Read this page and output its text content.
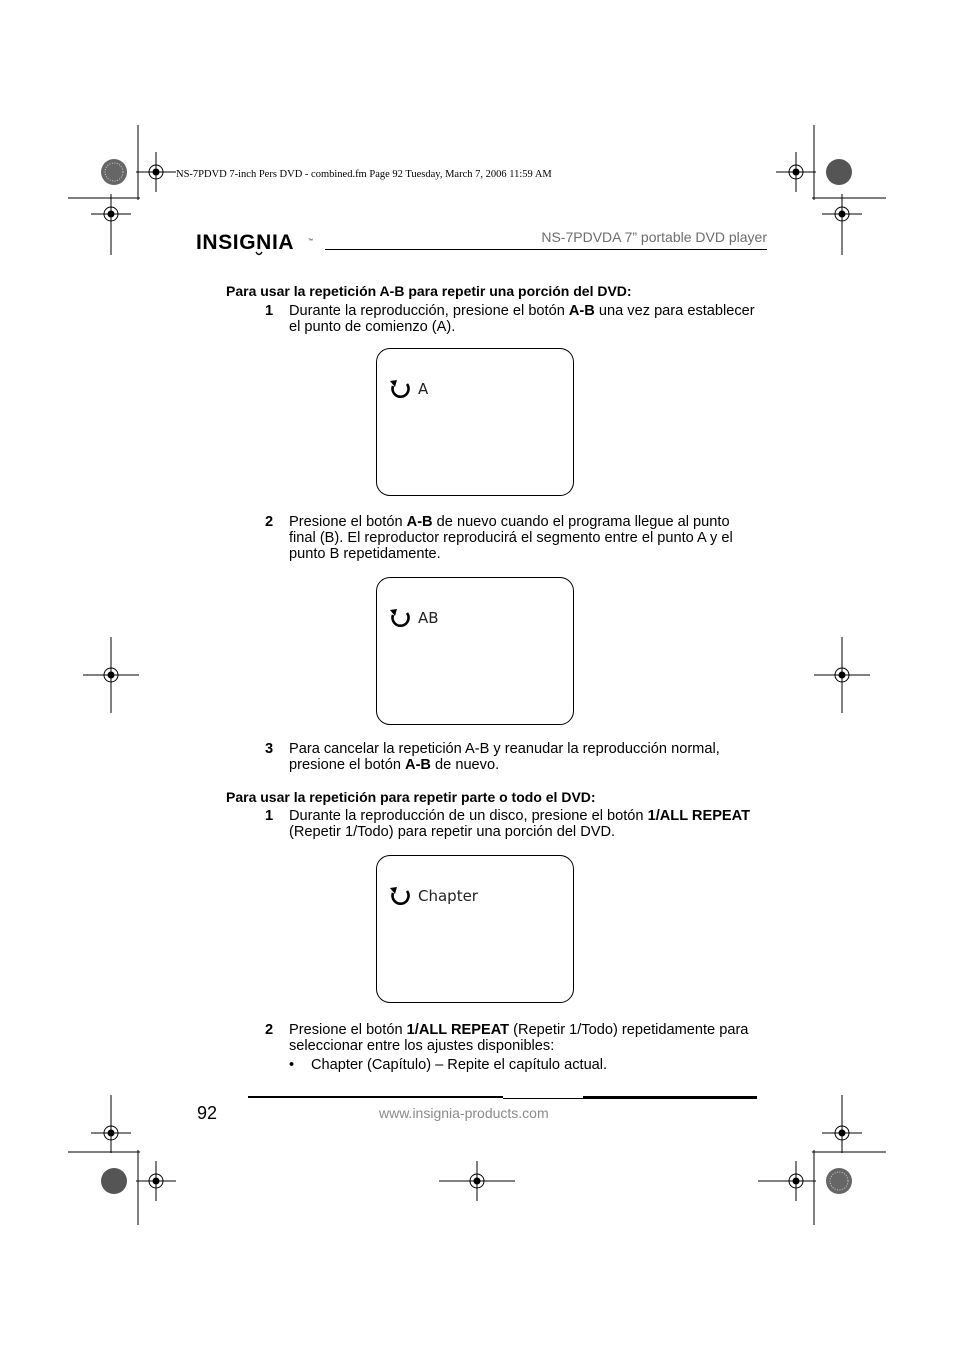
NS-7PDVD 7-inch Pers DVD - combined.fm Page 92 Tuesday, March 7, 2006 11:59 AM
INSIGNIA	™	NS-7PDVDA 7” portable DVD player
Para usar la repetición A-B para repetir una porción del DVD:
1 Durante la reproducción, presione el botón A-B una vez para establecer el punto de comienzo (A).
A
2 Presione el botón A-B de nuevo cuando el programa llegue al punto final (B). El reproductor reproducirá el segmento entre el punto A y el punto B repetidamente.
AB
3 Para cancelar la repetición A-B y reanudar la reproducción normal, presione el botón A-B de nuevo.
Para usar la repetición para repetir parte o todo el DVD:
1 Durante la reproducción de un disco, presione el botón 1/ALL REPEAT (Repetir 1/Todo) para repetir una porción del DVD.
Chapter
2 Presione el botón 1/ALL REPEAT (Repetir 1/Todo) repetidamente para seleccionar entre los ajustes disponibles:
• Chapter (Capítulo) – Repite el capítulo actual.
92	www.insignia-products.com
